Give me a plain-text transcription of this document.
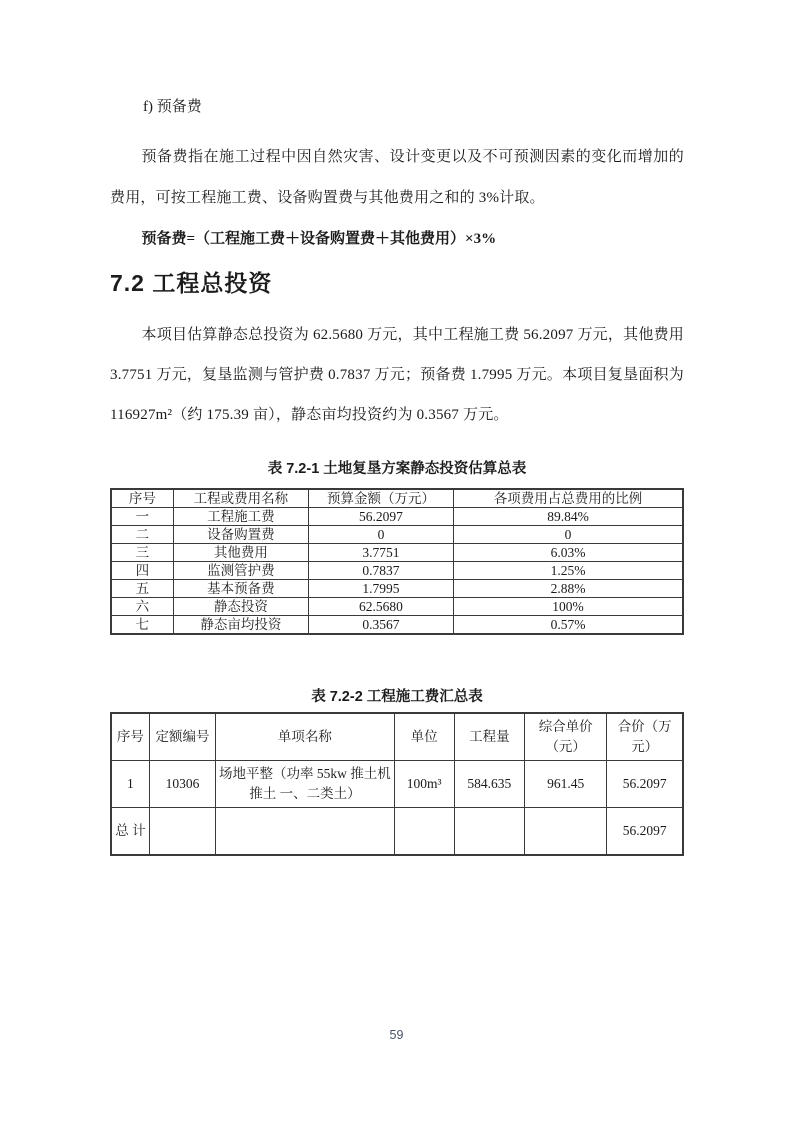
f) 预备费

预备费指在施工过程中因自然灾害、设计变更以及不可预测因素的变化而增加的费用，可按工程施工费、设备购置费与其他费用之和的 3%计取。

预备费=（工程施工费＋设备购置费＋其他费用）×3%

7.2 工程总投资

本项目估算静态总投资为 62.5680 万元，其中工程施工费 56.2097 万元，其他费用 3.7751 万元，复垦监测与管护费 0.7837 万元；预备费 1.7995 万元。本项目复垦面积为 116927m²（约 175.39 亩），静态亩均投资约为 0.3567 万元。

表 7.2-1 土地复垦方案静态投资估算总表

序号	工程或费用名称	预算金额（万元）	各项费用占总费用的比例
一	工程施工费	56.2097	89.84%
二	设备购置费	0	0
三	其他费用	3.7751	6.03%
四	监测管护费	0.7837	1.25%
五	基本预备费	1.7995	2.88%
六	静态投资	62.5680	100%
七	静态亩均投资	0.3567	0.57%

表 7.2-2 工程施工费汇总表

序号	定额编号	单项名称	单位	工程量	综合单价（元）	合价（万元）
1	10306	场地平整（功率 55kw 推土机 推土 一、二类土）	100m³	584.635	961.45	56.2097
总 计						56.2097
59
